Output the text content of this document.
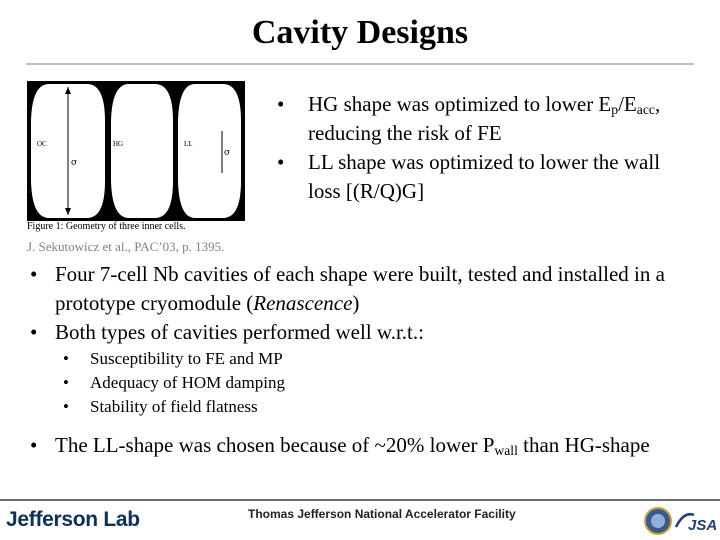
Cavity Designs
OC	HG	LL
σ
σ
Figure 1: Geometry of three inner cells.
J. Sekutowicz et al., PAC’03, p. 1395.
• HG shape was optimized to lower $E_p/E_{acc}$, reducing the risk of FE
• LL shape was optimized to lower the wall loss [(R/Q)G]
• Four 7-cell Nb cavities of each shape were built, tested and installed in a prototype cryomodule (Renascence)
• Both types of cavities performed well w.r.t.:
• Susceptibility to FE and MP
• Adequacy of HOM damping
• Stability of field flatness
• The LL-shape was chosen because of ~20% lower $P_{wall}$ than HG-shape
Jefferson Lab	Thomas Jefferson National Accelerator Facility
JSA
